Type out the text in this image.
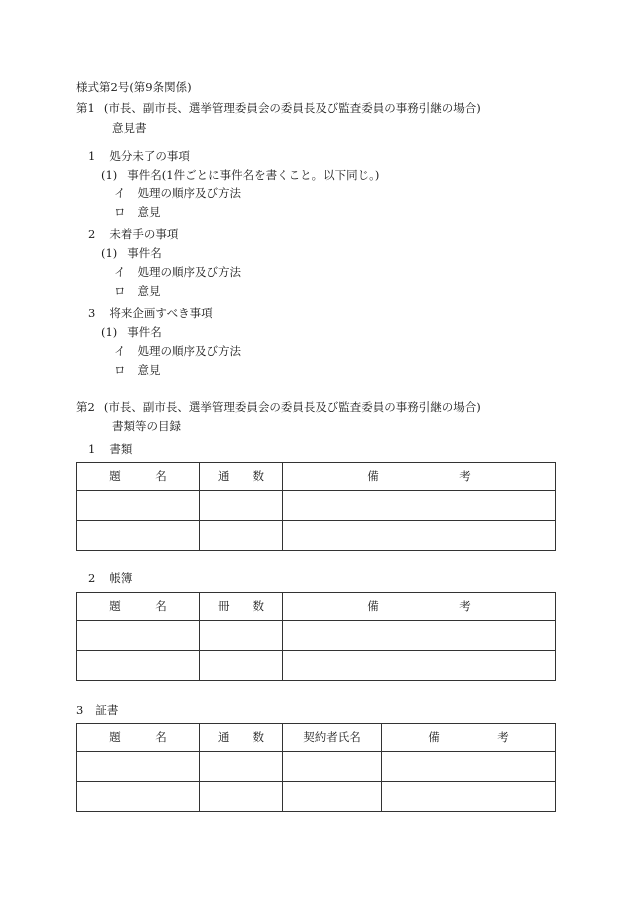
様式第2号(第9条関係)
第1 (市長、副市長、選挙管理委員会の委員長及び監査委員の事務引継の場合)
意見書
1 処分未了の事項
(1) 事件名(1件ごとに事件名を書くこと。以下同じ。)
イ 処理の順序及び方法
ロ 意見
2 未着手の事項
(1) 事件名
イ 処理の順序及び方法
ロ 意見
3 将来企画すべき事項
(1) 事件名
イ 処理の順序及び方法
ロ 意見
第2 (市長、副市長、選挙管理委員会の委員長及び監査委員の事務引継の場合)
書類等の目録
1 書類
題　　　名	通　　数	備　　　　　　　考

2 帳簿
題　　　名	冊　　数	備　　　　　　　考

3 証書
題　　　名	通　　数	契約者氏名	備　　　　　考
